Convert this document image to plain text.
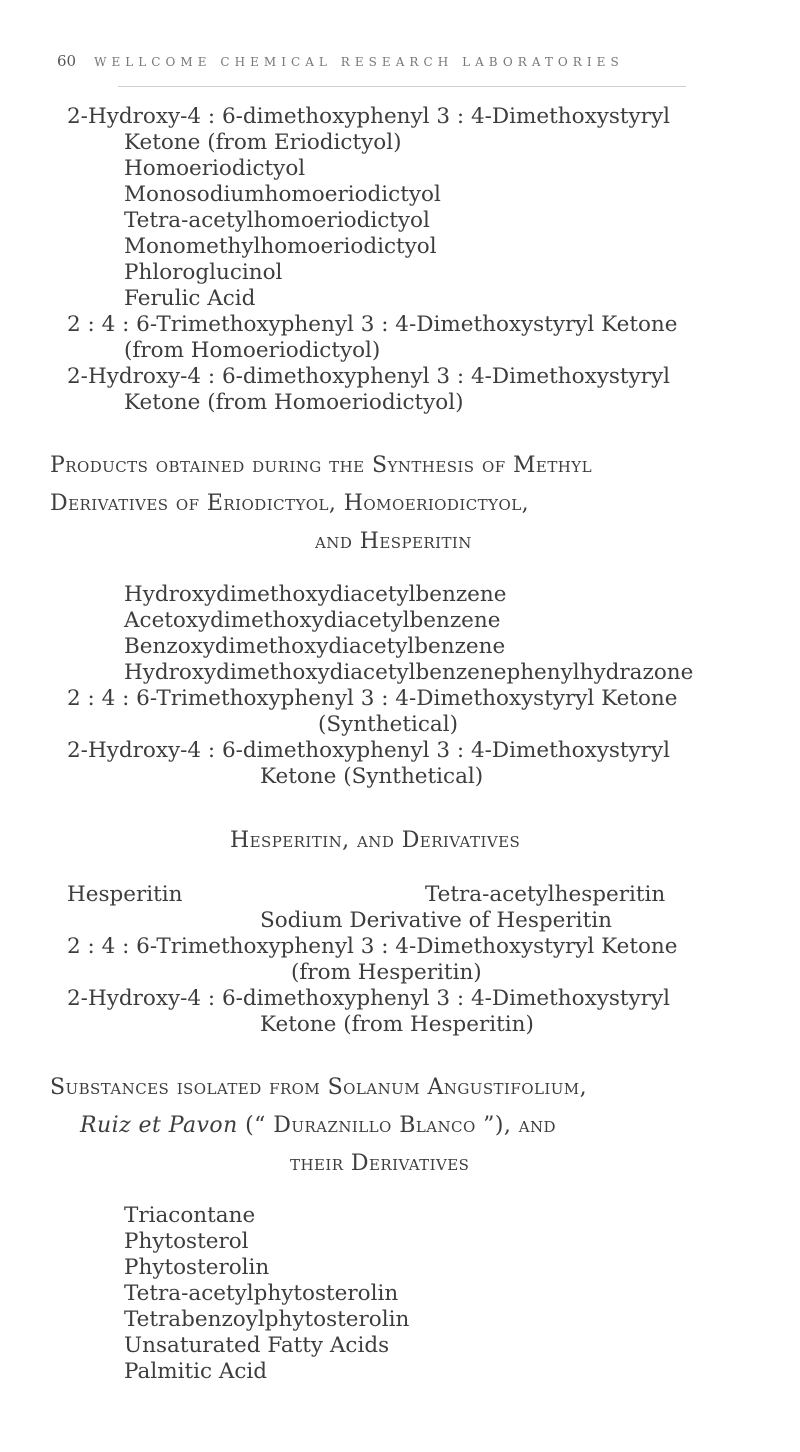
60 WELLCOME CHEMICAL RESEARCH LABORATORIES
2-Hydroxy-4 : 6-dimethoxyphenyl 3 : 4-Dimethoxystyryl
Ketone (from Eriodictyol)
Homoeriodictyol
Monosodiumhomoeriodictyol
Tetra-acetylhomoeriodictyol
Monomethylhomoeriodictyol
Phloroglucinol
Ferulic Acid
2 : 4 : 6-Trimethoxyphenyl 3 : 4-Dimethoxystyryl Ketone
(from Homoeriodictyol)
2-Hydroxy-4 : 6-dimethoxyphenyl 3 : 4-Dimethoxystyryl
Ketone (from Homoeriodictyol)
Products obtained during the Synthesis of Methyl
Derivatives of Eriodictyol, Homoeriodictyol,
and Hesperitin
Hydroxydimethoxydiacetylbenzene
Acetoxydimethoxydiacetylbenzene
Benzoxydimethoxydiacetylbenzene
Hydroxydimethoxydiacetylbenzenephenylhydrazone
2 : 4 : 6-Trimethoxyphenyl 3 : 4-Dimethoxystyryl Ketone
(Synthetical)
2-Hydroxy-4 : 6-dimethoxyphenyl 3 : 4-Dimethoxystyryl
Ketone (Synthetical)
Hesperitin, and Derivatives
Hesperitin	Tetra-acetylhesperitin
Sodium Derivative of Hesperitin
2 : 4 : 6-Trimethoxyphenyl 3 : 4-Dimethoxystyryl Ketone
(from Hesperitin)
2-Hydroxy-4 : 6-dimethoxyphenyl 3 : 4-Dimethoxystyryl
Ketone (from Hesperitin)
Substances isolated from Solanum Angustifolium,
Ruiz et Pavon (“ Duraznillo Blanco ”), and
their Derivatives
Triacontane
Phytosterol
Phytosterolin
Tetra-acetylphytosterolin
Tetrabenzoylphytosterolin
Unsaturated Fatty Acids
Palmitic Acid
